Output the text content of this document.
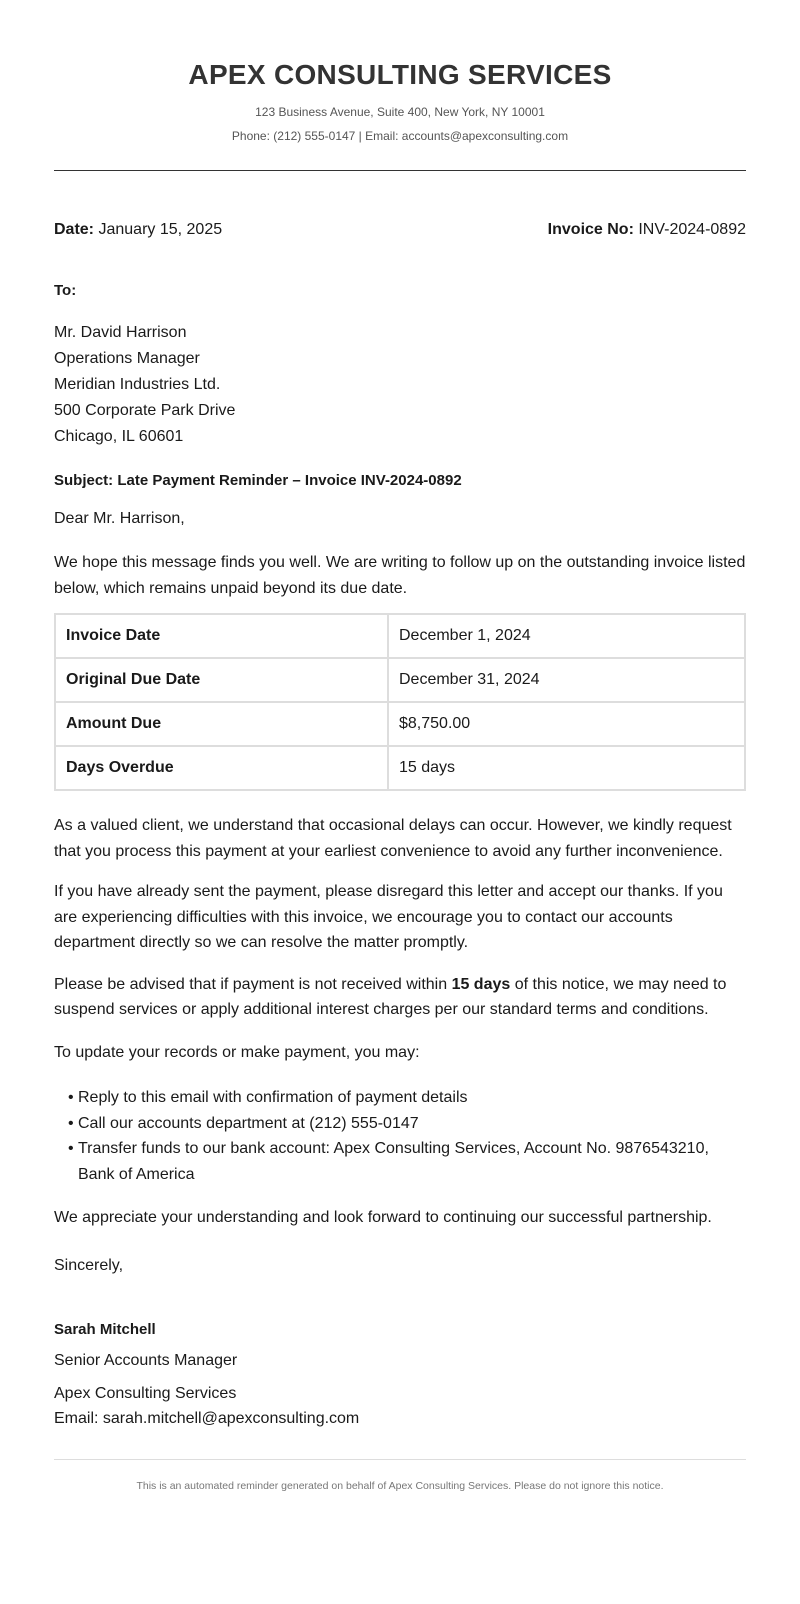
APEX CONSULTING SERVICES
123 Business Avenue, Suite 400, New York, NY 10001
Phone: (212) 555-0147 | Email: accounts@apexconsulting.com
Date: January 15, 2025	Invoice No: INV-2024-0892
To:
Mr. David Harrison
Operations Manager
Meridian Industries Ltd.
500 Corporate Park Drive
Chicago, IL 60601
Subject: Late Payment Reminder – Invoice INV-2024-0892
Dear Mr. Harrison,

We hope this message finds you well. We are writing to follow up on the outstanding invoice listed below, which remains unpaid beyond its due date.

Invoice Date	December 1, 2024
Original Due Date	December 31, 2024
Amount Due	$8,750.00
Days Overdue	15 days

As a valued client, we understand that occasional delays can occur. However, we kindly request that you process this payment at your earliest convenience to avoid any further inconvenience.

If you have already sent the payment, please disregard this letter and accept our thanks. If you are experiencing difficulties with this invoice, we encourage you to contact our accounts department directly so we can resolve the matter promptly.

Please be advised that if payment is not received within 15 days of this notice, we may need to suspend services or apply additional interest charges per our standard terms and conditions.

To update your records or make payment, you may:

• Reply to this email with confirmation of payment details
• Call our accounts department at (212) 555-0147
• Transfer funds to our bank account: Apex Consulting Services, Account No. 9876543210, Bank of America

We appreciate your understanding and look forward to continuing our successful partnership.

Sincerely,
Sarah Mitchell
Senior Accounts Manager
Apex Consulting Services
Email: sarah.mitchell@apexconsulting.com
This is an automated reminder generated on behalf of Apex Consulting Services. Please do not ignore this notice.
